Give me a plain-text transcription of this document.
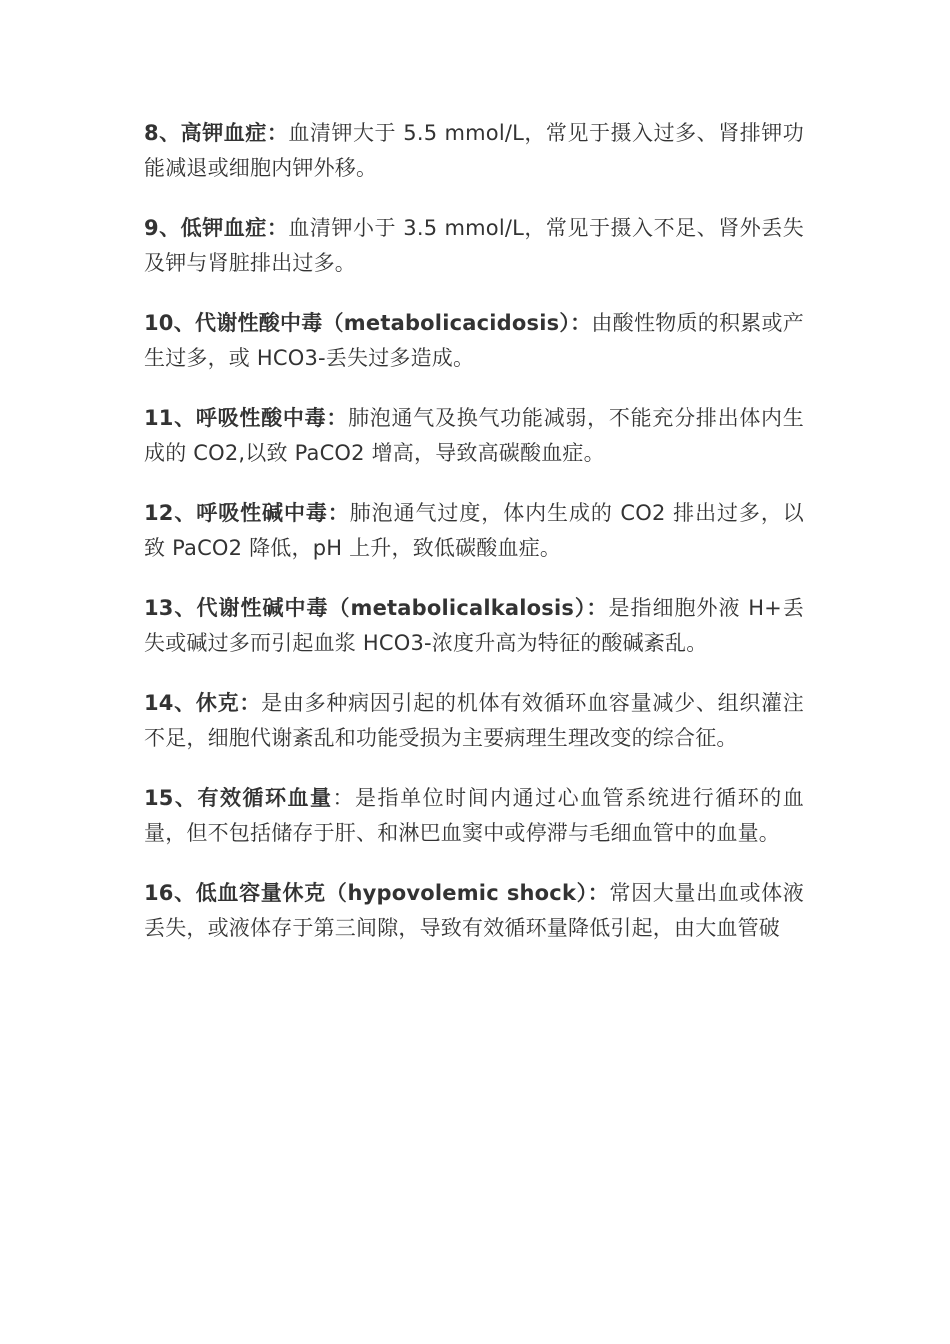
8、高钾血症：血清钾大于 5.5 mmol/L，常见于摄入过多、肾排钾功能减退或细胞内钾外移。

9、低钾血症：血清钾小于 3.5 mmol/L，常见于摄入不足、肾外丢失及钾与肾脏排出过多。

10、代谢性酸中毒（metabolicacidosis）：由酸性物质的积累或产生过多，或 HCO3-丢失过多造成。

11、呼吸性酸中毒：肺泡通气及换气功能减弱，不能充分排出体内生成的 CO2,以致 PaCO2 增高，导致高碳酸血症。

12、呼吸性碱中毒：肺泡通气过度，体内生成的 CO2 排出过多，以致 PaCO2 降低，pH 上升，致低碳酸血症。

13、代谢性碱中毒（metabolicalkalosis）：是指细胞外液 H+丢失或碱过多而引起血浆 HCO3-浓度升高为特征的酸碱紊乱。

14、休克：是由多种病因引起的机体有效循环血容量减少、组织灌注不足，细胞代谢紊乱和功能受损为主要病理生理改变的综合征。

15、有效循环血量：是指单位时间内通过心血管系统进行循环的血量，但不包括储存于肝、和淋巴血窦中或停滞与毛细血管中的血量。

16、低血容量休克（hypovolemic shock）：常因大量出血或体液丢失，或液体存于第三间隙，导致有效循环量降低引起，由大血管破
